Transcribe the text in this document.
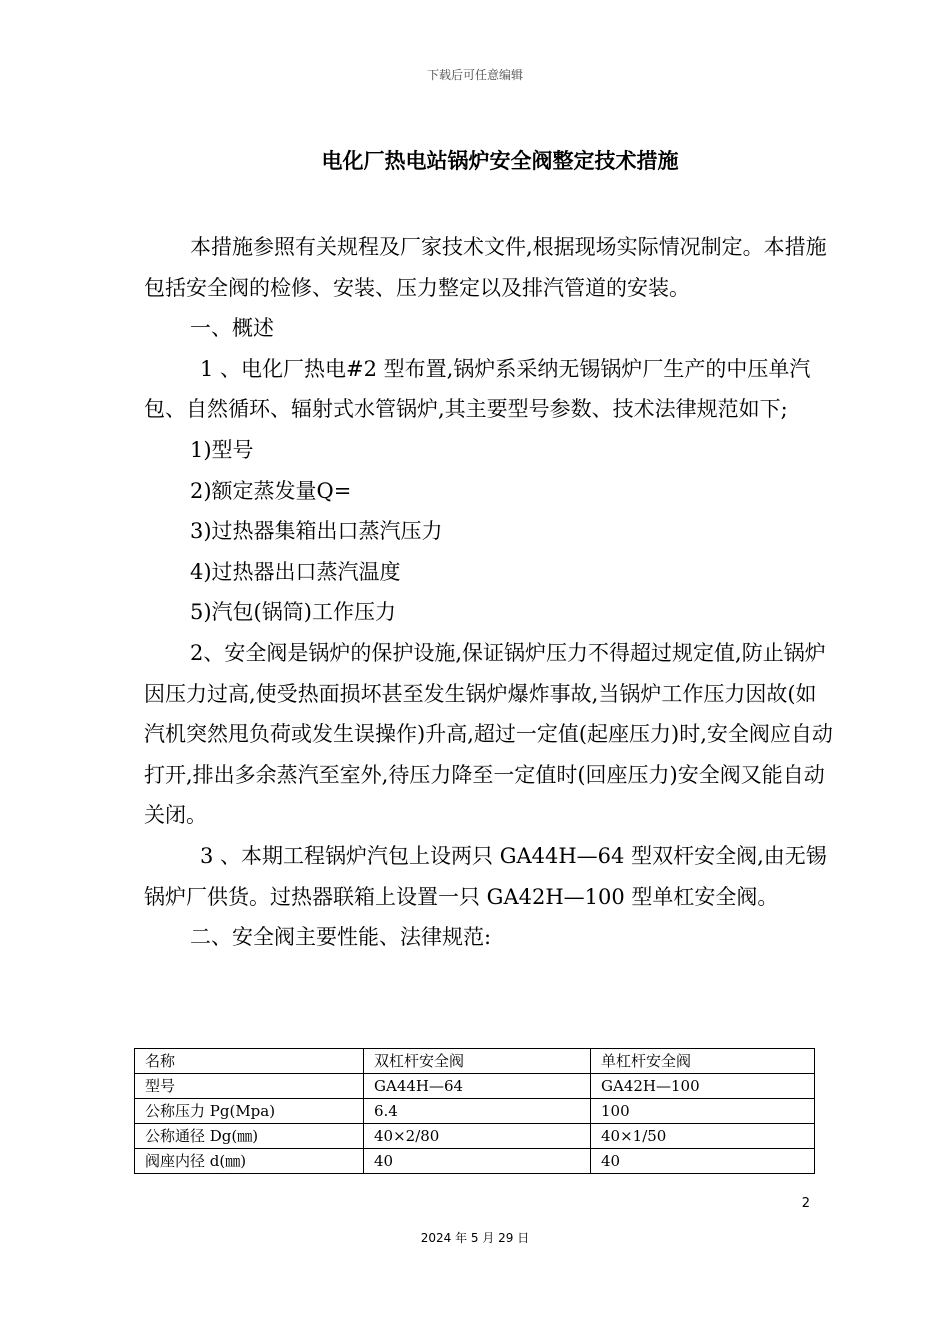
下载后可任意编辑
电化厂热电站锅炉安全阀整定技术措施

本措施参照有关规程及厂家技术文件,根据现场实际情况制定。本措施包括安全阀的检修、安装、压力整定以及排汽管道的安装。

一、概述

1 、电化厂热电#2 型布置,锅炉系采纳无锡锅炉厂生产的中压单汽包、自然循环、辐射式水管锅炉,其主要型号参数、技术法律规范如下;

1)型号

2)额定蒸发量Q=

3)过热器集箱出口蒸汽压力

4)过热器出口蒸汽温度

5)汽包(锅筒)工作压力

2、安全阀是锅炉的保护设施,保证锅炉压力不得超过规定值,防止锅炉因压力过高,使受热面损坏甚至发生锅炉爆炸事故,当锅炉工作压力因故(如汽机突然甩负荷或发生误操作)升高,超过一定值(起座压力)时,安全阀应自动打开,排出多余蒸汽至室外,待压力降至一定值时(回座压力)安全阀又能自动关闭。

3 、本期工程锅炉汽包上设两只 GA44H—64 型双杆安全阀,由无锡锅炉厂供货。过热器联箱上设置一只 GA42H—100 型单杠安全阀。

二、安全阀主要性能、法律规范:

名称	双杠杆安全阀	单杠杆安全阀
型号	GA44H—64	GA42H—100
公称压力 Pg(Mpa)	6.4	100
公称通径 Dg(㎜)	40×2/80	40×1/50
阀座内径 d(㎜)	40	40
2
2024 年 5 月 29 日
